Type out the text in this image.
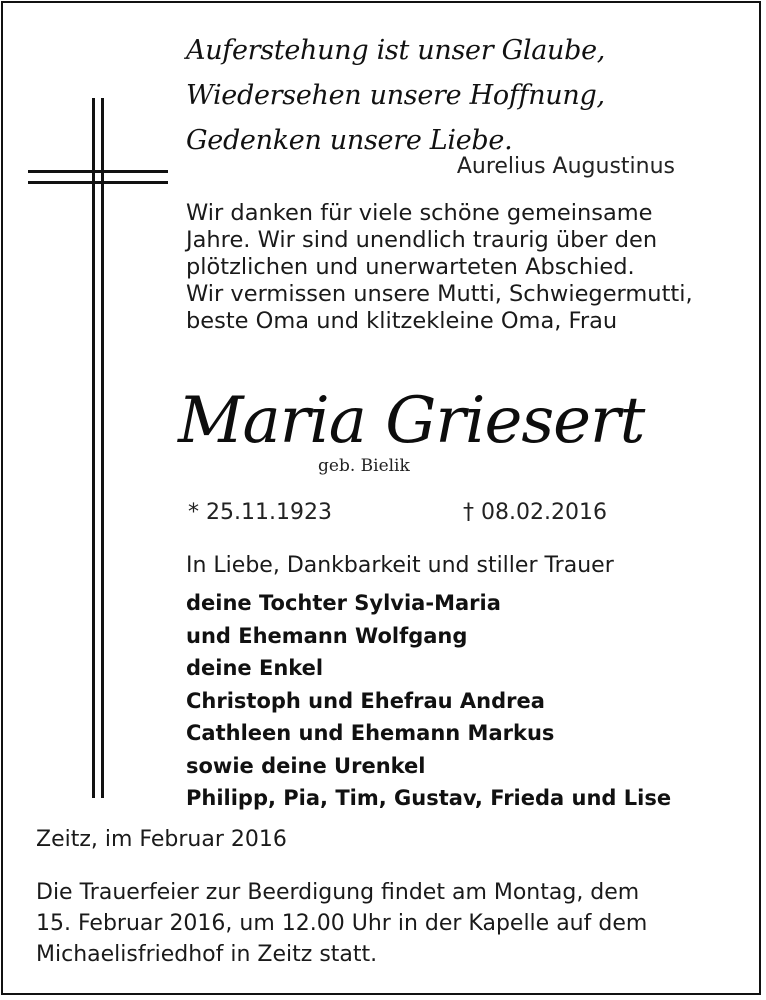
Auferstehung ist unser Glaube,
Wiedersehen unsere Hoffnung,
Gedenken unsere Liebe.
Aurelius Augustinus
Wir danken für viele schöne gemeinsame
Jahre. Wir sind unendlich traurig über den
plötzlichen und unerwarteten Abschied.
Wir vermissen unsere Mutti, Schwiegermutti,
beste Oma und klitzekleine Oma, Frau
Maria Griesert
geb. Bielik
* 25.11.1923	† 08.02.2016
In Liebe, Dankbarkeit und stiller Trauer
deine Tochter Sylvia-Maria
und Ehemann Wolfgang
deine Enkel
Christoph und Ehefrau Andrea
Cathleen und Ehemann Markus
sowie deine Urenkel
Philipp, Pia, Tim, Gustav, Frieda und Lise
Zeitz, im Februar 2016
Die Trauerfeier zur Beerdigung findet am Montag, dem
15. Februar 2016, um 12.00 Uhr in der Kapelle auf dem
Michaelisfriedhof in Zeitz statt.
